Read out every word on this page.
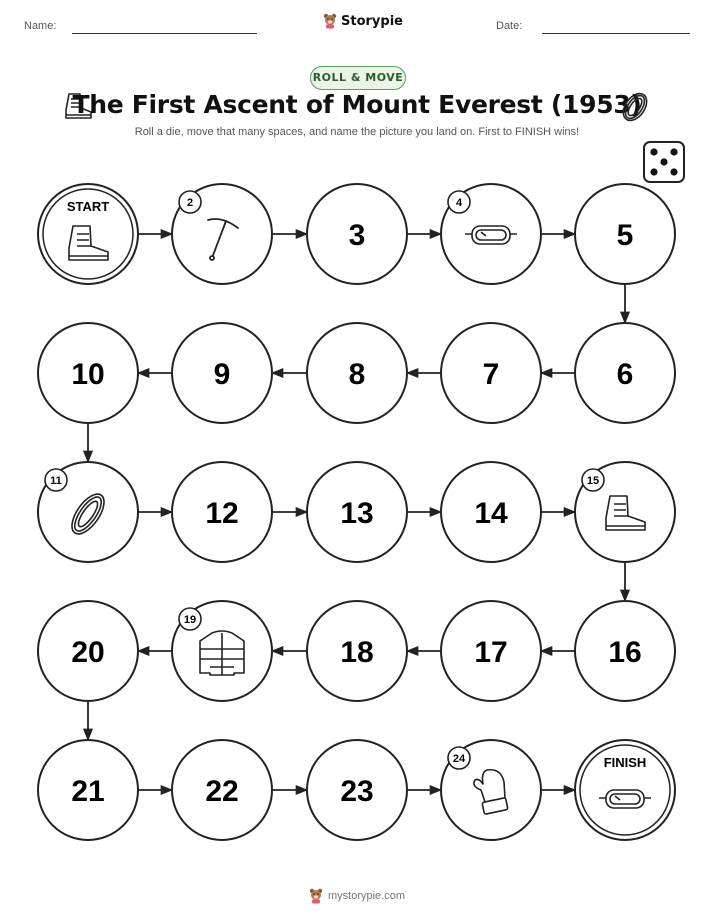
Name:	Storypie	Date:
ROLL & MOVE
The First Ascent of Mount Everest (1953)
Roll a die, move that many spaces, and name the picture you land on. First to FINISH wins!
START	2
3
4
5
6
7
8
9
10
11
12	13	14
15
16
17
18
19
20
21	22	23
24	FINISH
mystorypie.com
